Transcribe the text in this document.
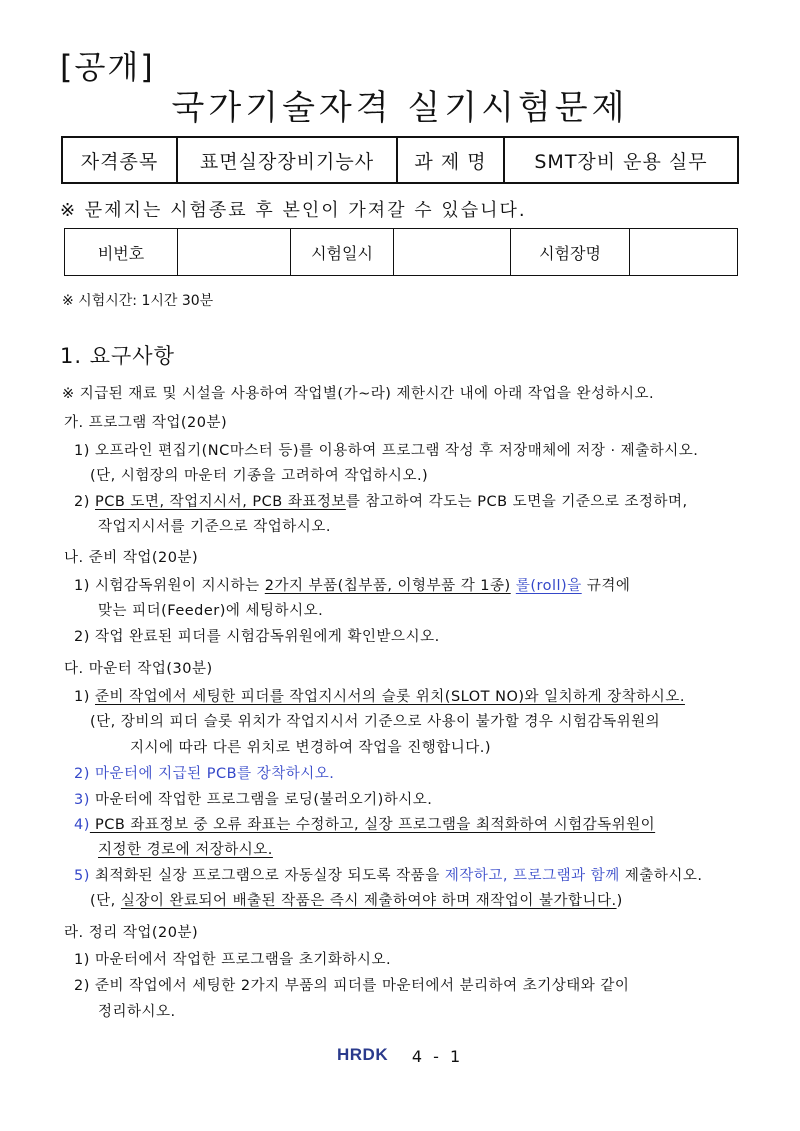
[공개]
국가기술자격 실기시험문제
자격종목	표면실장장비기능사	과 제 명	SMT장비 운용 실무
※ 문제지는 시험종료 후 본인이 가져갈 수 있습니다.
비번호		시험일시		시험장명	
※ 시험시간: 1시간 30분
1. 요구사항
※ 지급된 재료 및 시설을 사용하여 작업별(가~라) 제한시간 내에 아래 작업을 완성하시오.
가. 프로그램 작업(20분)
1) 오프라인 편집기(NC마스터 등)를 이용하여 프로그램 작성 후 저장매체에 저장 · 제출하시오.
(단, 시험장의 마운터 기종을 고려하여 작업하시오.)
2) PCB 도면, 작업지시서, PCB 좌표정보를 참고하여 각도는 PCB 도면을 기준으로 조정하며,
작업지시서를 기준으로 작업하시오.
나. 준비 작업(20분)
1) 시험감독위원이 지시하는 2가지 부품(칩부품, 이형부품 각 1종) 롤(roll)을 규격에
맞는 피더(Feeder)에 세팅하시오.
2) 작업 완료된 피더를 시험감독위원에게 확인받으시오.
다. 마운터 작업(30분)
1) 준비 작업에서 세팅한 피더를 작업지시서의 슬롯 위치(SLOT NO)와 일치하게 장착하시오.
(단, 장비의 피더 슬롯 위치가 작업지시서 기준으로 사용이 불가할 경우 시험감독위원의
지시에 따라 다른 위치로 변경하여 작업을 진행합니다.)
2) 마운터에 지급된 PCB를 장착하시오.
3) 마운터에 작업한 프로그램을 로딩(불러오기)하시오.
4) PCB 좌표정보 중 오류 좌표는 수정하고, 실장 프로그램을 최적화하여 시험감독위원이
지정한 경로에 저장하시오.
5) 최적화된 실장 프로그램으로 자동실장 되도록 작품을 제작하고, 프로그램과 함께 제출하시오.
(단, 실장이 완료되어 배출된 작품은 즉시 제출하여야 하며 재작업이 불가합니다.)
라. 정리 작업(20분)
1) 마운터에서 작업한 프로그램을 초기화하시오.
2) 준비 작업에서 세팅한 2가지 부품의 피더를 마운터에서 분리하여 초기상태와 같이
정리하시오.
HRDK 4 - 1
